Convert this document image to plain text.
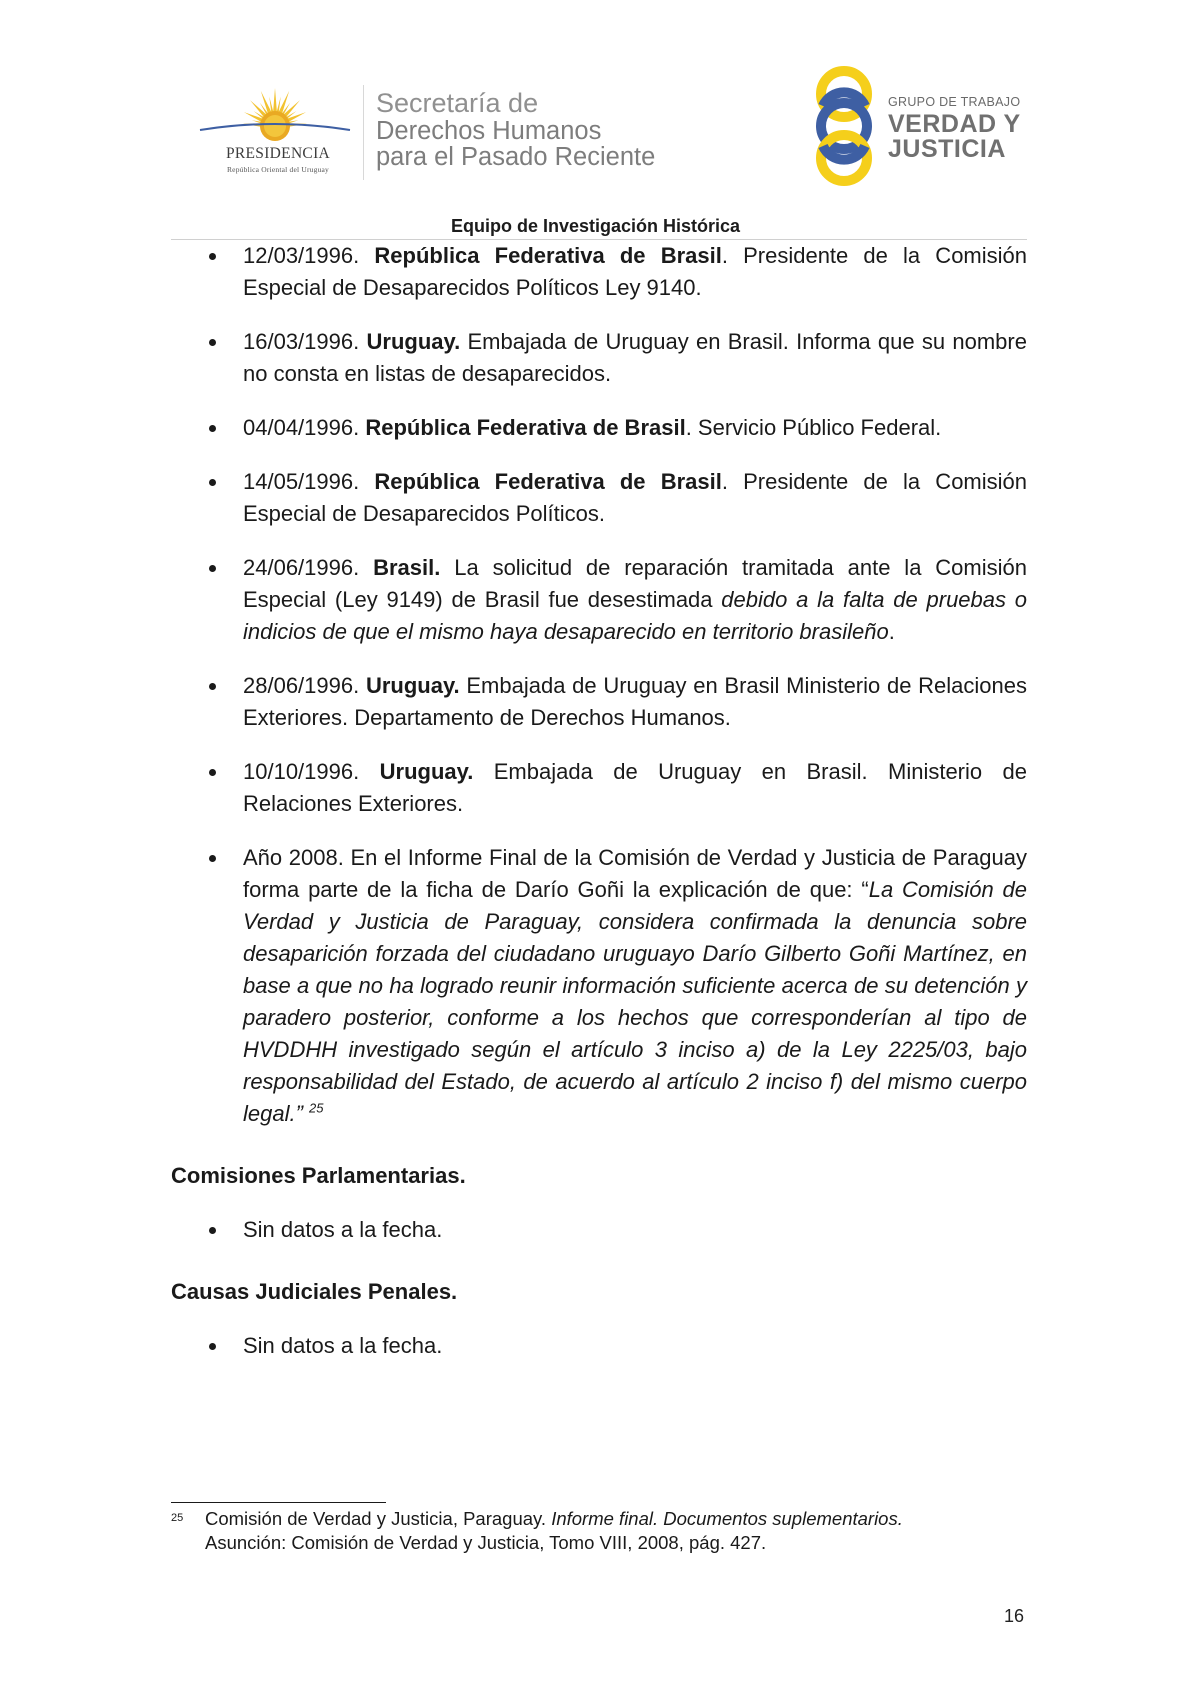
PRESIDENCIA
República Oriental del Uruguay
Secretaría de
Derechos Humanos
para el Pasado Reciente
GRUPO DE TRABAJO
VERDAD Y
JUSTICIA
Equipo de Investigación Histórica
12/03/1996. República Federativa de Brasil. Presidente de la Comisión Especial de Desaparecidos Políticos Ley 9140.
16/03/1996. Uruguay. Embajada de Uruguay en Brasil. Informa que su nombre no consta en listas de desaparecidos.
04/04/1996. República Federativa de Brasil. Servicio Público Federal.
14/05/1996. República Federativa de Brasil. Presidente de la Comisión Especial de Desaparecidos Políticos.
24/06/1996. Brasil. La solicitud de reparación tramitada ante la Comisión Especial (Ley 9149) de Brasil fue desestimada debido a la falta de pruebas o indicios de que el mismo haya desaparecido en territorio brasileño.
28/06/1996. Uruguay. Embajada de Uruguay en Brasil Ministerio de Relaciones Exteriores. Departamento de Derechos Humanos.
10/10/1996. Uruguay. Embajada de Uruguay en Brasil. Ministerio de Relaciones Exteriores.
Año 2008. En el Informe Final de la Comisión de Verdad y Justicia de Paraguay forma parte de la ficha de Darío Goñi la explicación de que: “La Comisión de Verdad y Justicia de Paraguay, considera confirmada la denuncia sobre desaparición forzada del ciudadano uruguayo Darío Gilberto Goñi Martínez, en base a que no ha logrado reunir información suficiente acerca de su detención y paradero posterior, conforme a los hechos que corresponderían al tipo de HVDDHH investigado según el artículo 3 inciso a) de la Ley 2225/03, bajo responsabilidad del Estado, de acuerdo al artículo 2 inciso f) del mismo cuerpo legal.” $^{25}$
Comisiones Parlamentarias.
Sin datos a la fecha.
Causas Judiciales Penales.
Sin datos a la fecha.
25	Comisión de Verdad y Justicia, Paraguay. Informe final. Documentos suplementarios.
Asunción: Comisión de Verdad y Justicia, Tomo VIII, 2008, pág. 427.
16
